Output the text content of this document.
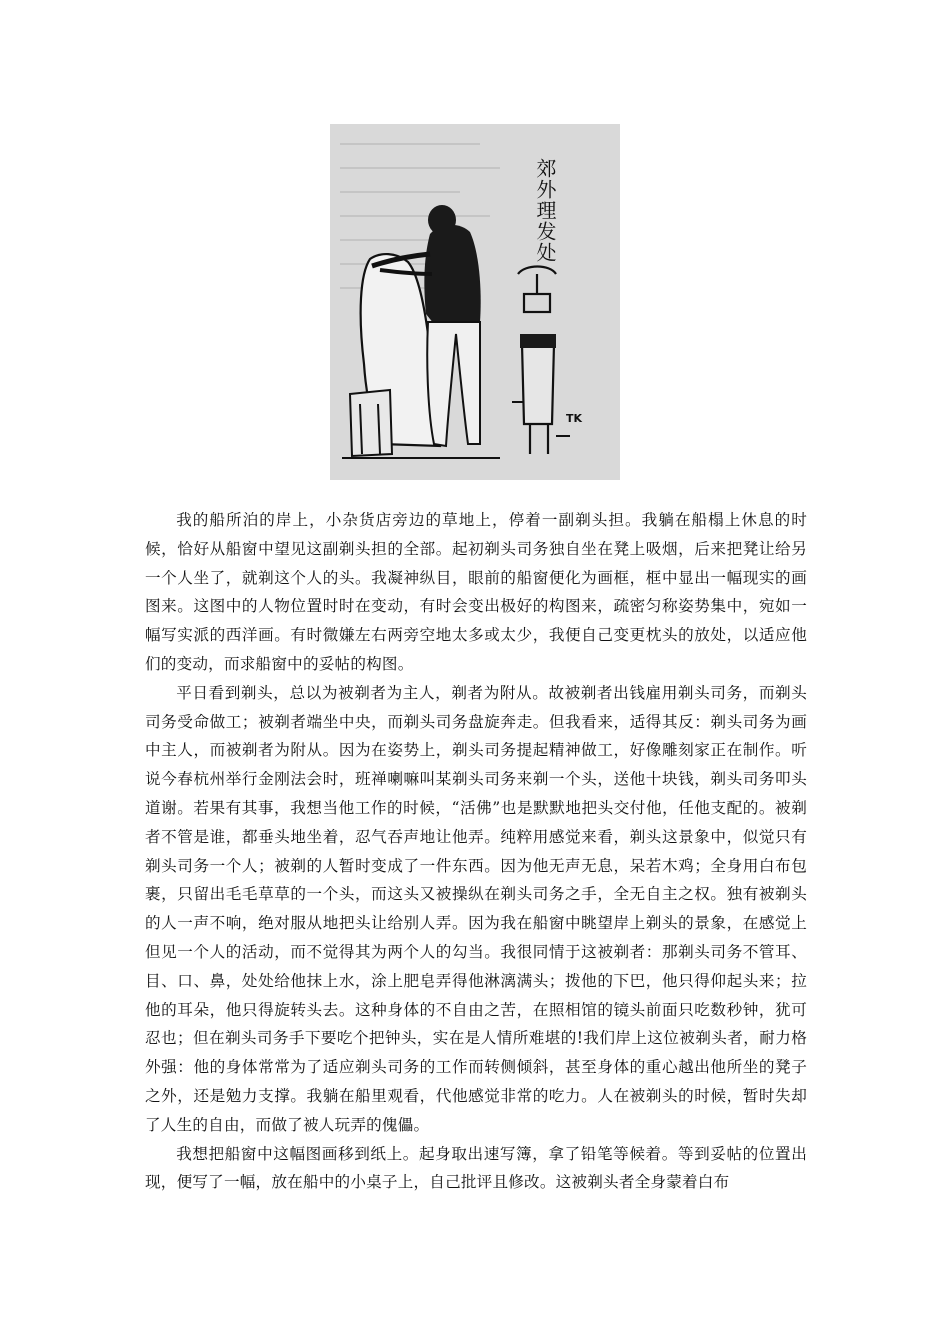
郊外理发处
TK

我的船所泊的岸上，小杂货店旁边的草地上，停着一副剃头担。我躺在船榻上休息的时候，恰好从船窗中望见这副剃头担的全部。起初剃头司务独自坐在凳上吸烟，后来把凳让给另一个人坐了，就剃这个人的头。我凝神纵目，眼前的船窗便化为画框，框中显出一幅现实的画图来。这图中的人物位置时时在变动，有时会变出极好的构图来，疏密匀称姿势集中，宛如一幅写实派的西洋画。有时微嫌左右两旁空地太多或太少，我便自己变更枕头的放处，以适应他们的变动，而求船窗中的妥帖的构图。

平日看到剃头，总以为被剃者为主人，剃者为附从。故被剃者出钱雇用剃头司务，而剃头司务受命做工；被剃者端坐中央，而剃头司务盘旋奔走。但我看来，适得其反：剃头司务为画中主人，而被剃者为附从。因为在姿势上，剃头司务提起精神做工，好像雕刻家正在制作。听说今春杭州举行金刚法会时，班禅喇嘛叫某剃头司务来剃一个头，送他十块钱，剃头司务叩头道谢。若果有其事，我想当他工作的时候，“活佛”也是默默地把头交付他，任他支配的。被剃者不管是谁，都垂头地坐着，忍气吞声地让他弄。纯粹用感觉来看，剃头这景象中，似觉只有剃头司务一个人；被剃的人暂时变成了一件东西。因为他无声无息，呆若木鸡；全身用白布包裹，只留出毛毛草草的一个头，而这头又被操纵在剃头司务之手，全无自主之权。独有被剃头的人一声不响，绝对服从地把头让给别人弄。因为我在船窗中眺望岸上剃头的景象，在感觉上但见一个人的活动，而不觉得其为两个人的勾当。我很同情于这被剃者：那剃头司务不管耳、目、口、鼻，处处给他抹上水，涂上肥皂弄得他淋漓满头；拨他的下巴，他只得仰起头来；拉他的耳朵，他只得旋转头去。这种身体的不自由之苦，在照相馆的镜头前面只吃数秒钟，犹可忍也；但在剃头司务手下要吃个把钟头，实在是人情所难堪的!我们岸上这位被剃头者，耐力格外强：他的身体常常为了适应剃头司务的工作而转侧倾斜，甚至身体的重心越出他所坐的凳子之外，还是勉力支撑。我躺在船里观看，代他感觉非常的吃力。人在被剃头的时候，暂时失却了人生的自由，而做了被人玩弄的傀儡。

我想把船窗中这幅图画移到纸上。起身取出速写簿，拿了铅笔等候着。等到妥帖的位置出现，便写了一幅，放在船中的小桌子上，自己批评且修改。这被剃头者全身蒙着白布
